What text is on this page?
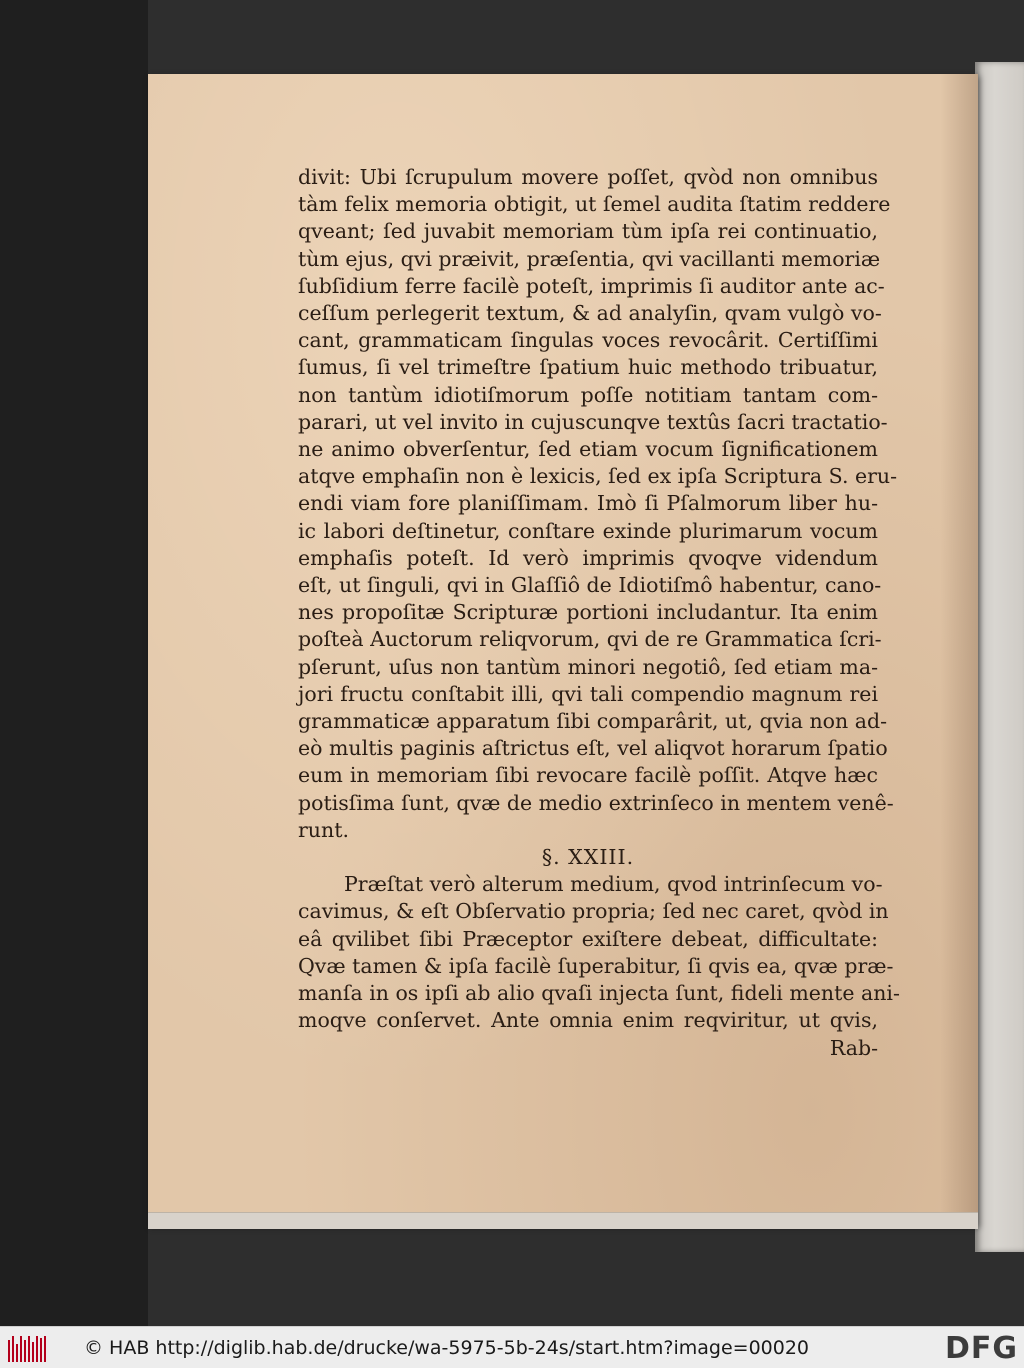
divit: Ubi ſcrupulum movere poſſet, qvòd non omnibus
tàm felix memoria obtigit, ut ſemel audita ſtatim reddere
qveant; ſed juvabit memoriam tùm ipſa rei continuatio,
tùm ejus, qvi præivit, præſentia, qvi vacillanti memoriæ
ſubſidium ferre facilè poteſt, imprimis ſi auditor ante ac-
ceſſum perlegerit textum, & ad analyſin, qvam vulgò vo-
cant, grammaticam ſingulas voces revocârit. Certiſſimi
ſumus, ſi vel trimeſtre ſpatium huic methodo tribuatur,
non tantùm idiotiſmorum poſſe notitiam tantam com-
parari, ut vel invito in cujuscunqve textûs ſacri tractatio-
ne animo obverſentur, ſed etiam vocum ſignificationem
atqve emphaſin non è lexicis, ſed ex ipſa Scriptura S. eru-
endi viam fore planiſſimam. Imò ſi Pſalmorum liber hu-
ic labori deſtinetur, conſtare exinde plurimarum vocum
emphaſis poteſt. Id verò imprimis qvoqve videndum
eſt, ut ſinguli, qvi in Glaſſiô de Idiotiſmô habentur, cano-
nes propoſitæ Scripturæ portioni includantur. Ita enim
poſteà Auctorum reliqvorum, qvi de re Grammatica ſcri-
pſerunt, uſus non tantùm minori negotiô, ſed etiam ma-
jori fructu conſtabit illi, qvi tali compendio magnum rei
grammaticæ apparatum ſibi comparârit, ut, qvia non ad-
eò multis paginis aſtrictus eſt, vel aliqvot horarum ſpatio
eum in memoriam ſibi revocare facilè poſſit. Atqve hæc
potisſima ſunt, qvæ de medio extrinſeco in mentem venê-
runt.
§. XXIII.
Præſtat verò alterum medium, qvod intrinſecum vo-
cavimus, & eſt Obſervatio propria; ſed nec caret, qvòd in
eâ qvilibet ſibi Præceptor exiſtere debeat, difficultate:
Qvæ tamen & ipſa facilè ſuperabitur, ſi qvis ea, qvæ præ-
manſa in os ipſi ab alio qvaſi injecta ſunt, fideli mente ani-
moqve conſervet. Ante omnia enim reqviritur, ut qvis,
Rab-
© HAB http://diglib.hab.de/drucke/wa-5975-5b-24s/start.htm?image=00020	DFG
